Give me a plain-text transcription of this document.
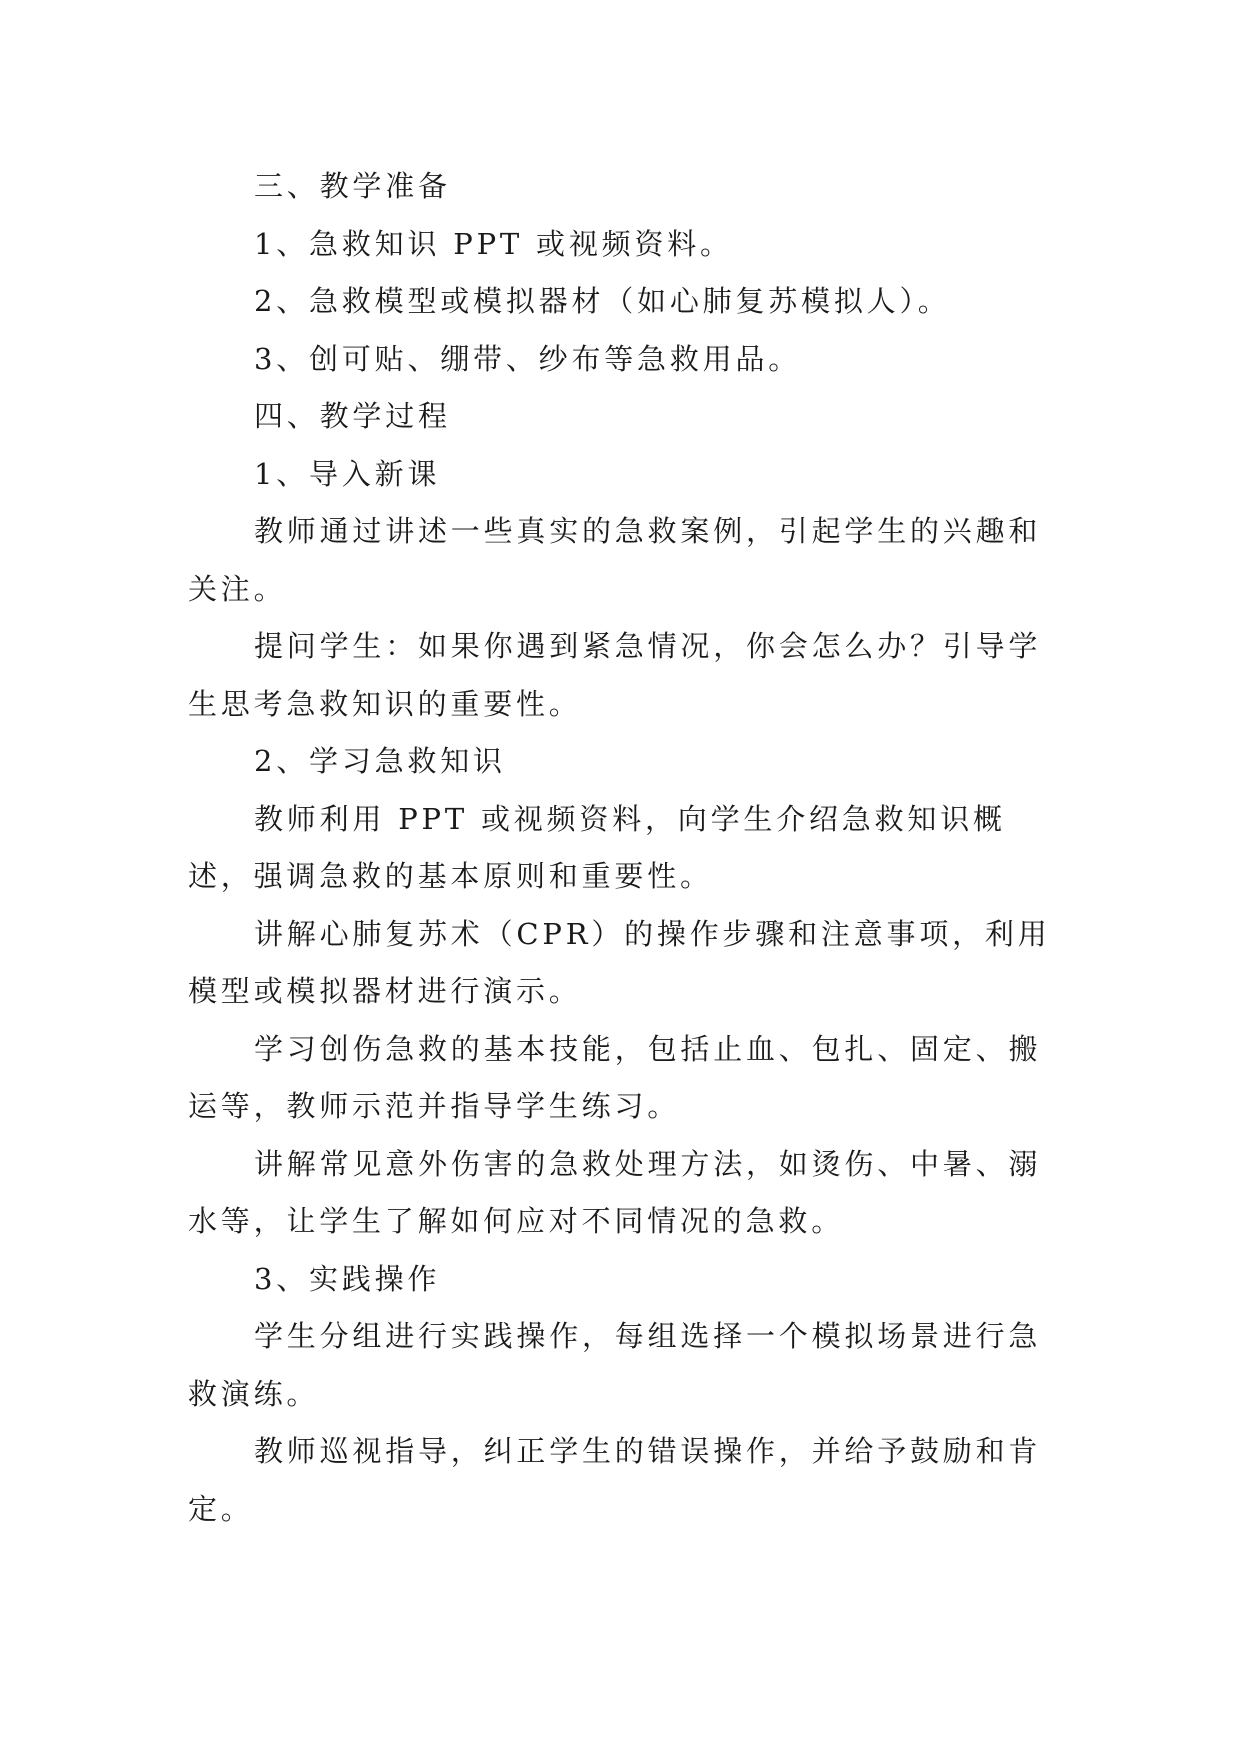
三、教学准备

1、急救知识 PPT 或视频资料。

2、急救模型或模拟器材（如心肺复苏模拟人）。

3、创可贴、绷带、纱布等急救用品。

四、教学过程

1、导入新课

教师通过讲述一些真实的急救案例，引起学生的兴趣和关注。

提问学生：如果你遇到紧急情况，你会怎么办？引导学生思考急救知识的重要性。

2、学习急救知识

教师利用 PPT 或视频资料，向学生介绍急救知识概述，强调急救的基本原则和重要性。

讲解心肺复苏术（CPR）的操作步骤和注意事项，利用模型或模拟器材进行演示。

学习创伤急救的基本技能，包括止血、包扎、固定、搬运等，教师示范并指导学生练习。

讲解常见意外伤害的急救处理方法，如烫伤、中暑、溺水等，让学生了解如何应对不同情况的急救。

3、实践操作

学生分组进行实践操作，每组选择一个模拟场景进行急救演练。

教师巡视指导，纠正学生的错误操作，并给予鼓励和肯定。
